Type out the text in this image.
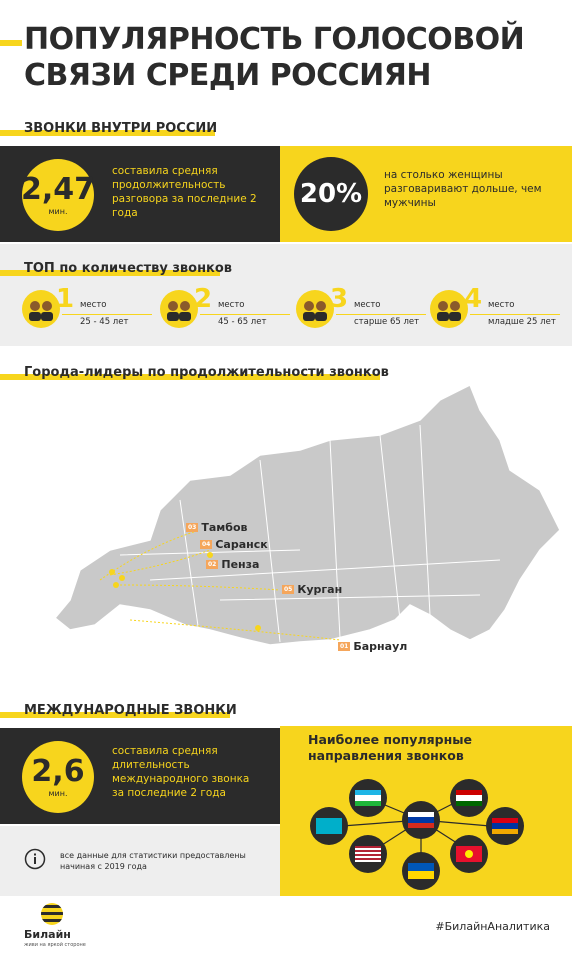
ПОПУЛЯРНОСТЬ ГОЛОСОВОЙ СВЯЗИ СРЕДИ РОССИЯН
ЗВОНКИ ВНУТРИ РОССИИ
2,47
мин.
составила средняя продолжительность разговора за последние 2 года
20%
на столько женщины разговаривают дольше, чем мужчины
ТОП по количеству звонков
1 место
25 - 45 лет
2 место
45 - 65 лет
3 место
старше 65 лет
4 место
младше 25 лет
Города-лидеры по продолжительности звонков
03 Тамбов
04 Саранск
02 Пенза
05 Курган
01 Барнаул
МЕЖДУНАРОДНЫЕ ЗВОНКИ
2,6
мин.
составила средняя длительность международного звонка за последние 2 года
все данные для статистики предоставлены начиная с 2019 года
Наиболее популярные направления звонков
Билайн
живи на яркой стороне
#БилайнАналитика
